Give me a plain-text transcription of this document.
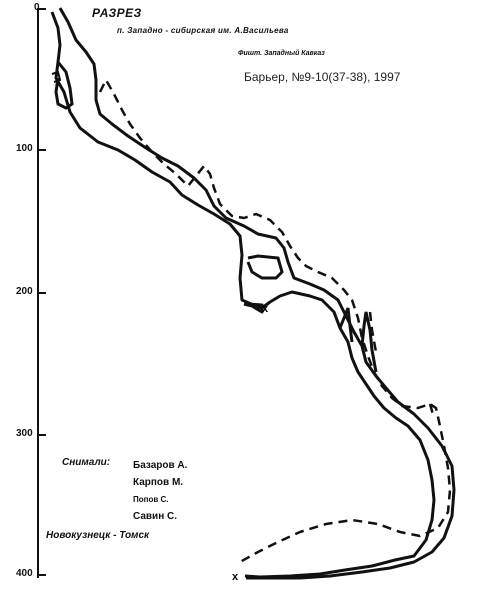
x
x
РАЗРЕЗ
п. Западно - сибирская им. А.Васильева
Фишт. Западный Кавказ
Барьер, №9-10(37-38), 1997
0
100
200
300
400
Снимали: Базаров А.
Карпов М.
Попов С.
Савин С.
Новокузнецк - Томск
